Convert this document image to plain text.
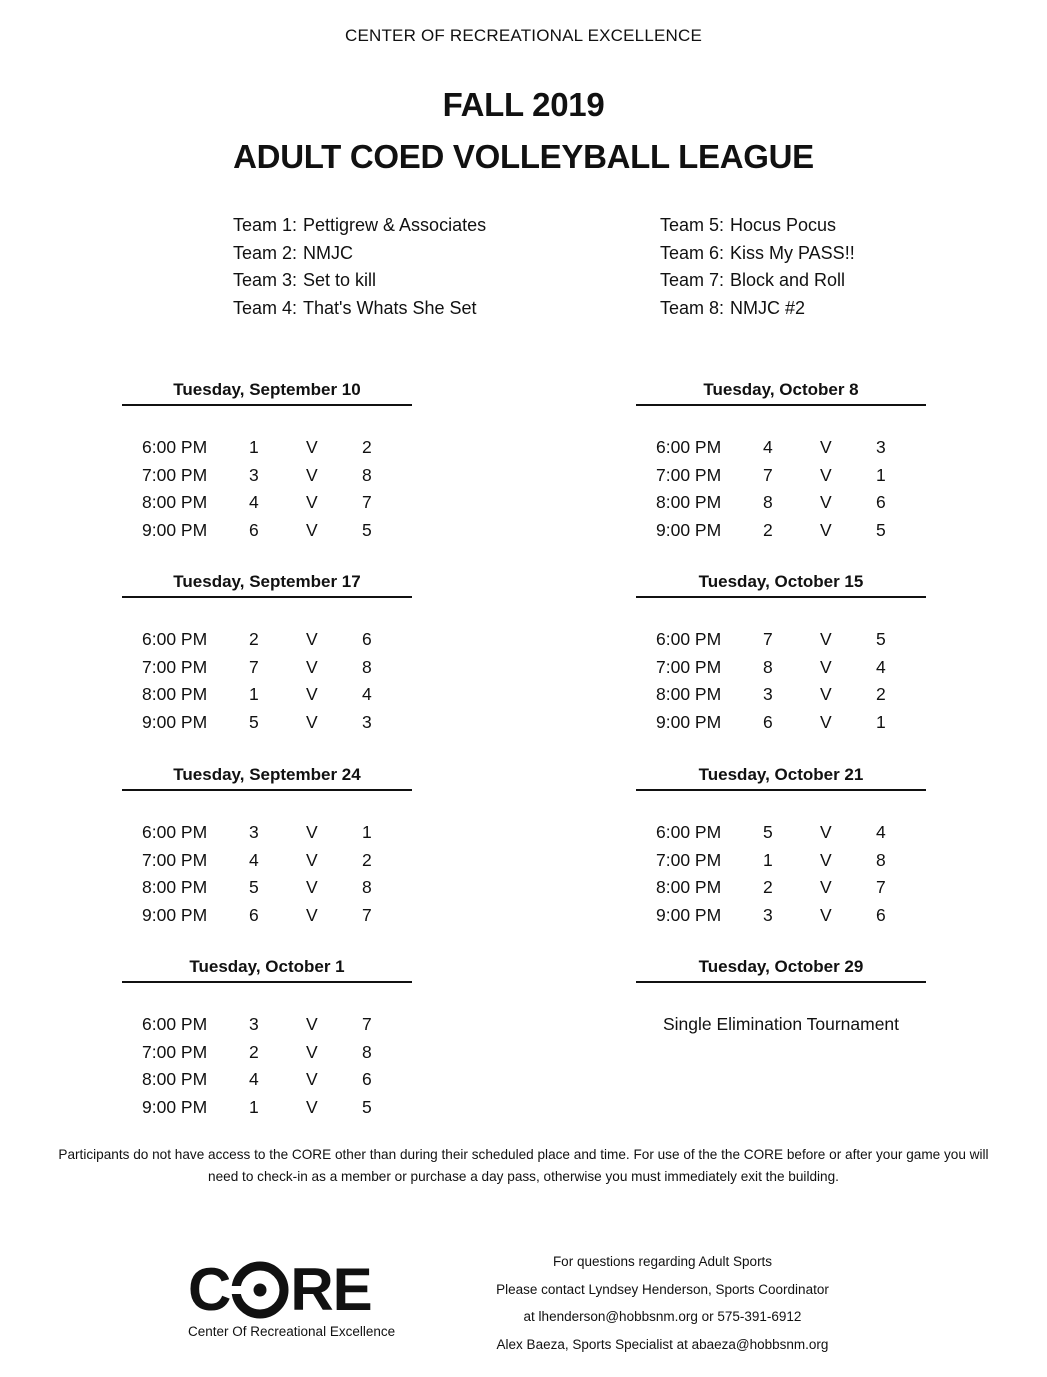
CENTER OF RECREATIONAL EXCELLENCE
FALL 2019
ADULT COED VOLLEYBALL LEAGUE
Team 1: Pettigrew & Associates
Team 2: NMJC
Team 3: Set to kill
Team 4: That's Whats She Set
Team 5: Hocus Pocus
Team 6: Kiss My PASS!!
Team 7: Block and Roll
Team 8: NMJC #2
Tuesday, September 10
6:00 PM 1	V	2
7:00 PM 3	V	8
8:00 PM 4	V	7
9:00 PM 6	V	5
Tuesday, September 17
6:00 PM 2	V	6
7:00 PM 7	V	8
8:00 PM 1	V	4
9:00 PM 5	V	3
Tuesday, September 24
6:00 PM 3	V	1
7:00 PM 4	V	2
8:00 PM 5	V	8
9:00 PM 6	V	7
Tuesday, October 1
6:00 PM 3	V	7
7:00 PM 2	V	8
8:00 PM 4	V	6
9:00 PM 1	V	5
Tuesday, October 8
6:00 PM 4	V	3
7:00 PM 7	V	1
8:00 PM 8	V	6
9:00 PM 2	V	5
Tuesday, October 15
6:00 PM 7	V	5
7:00 PM 8	V	4
8:00 PM 3	V	2
9:00 PM 6	V	1
Tuesday, October 21
6:00 PM 5	V	4
7:00 PM 1	V	8
8:00 PM 2	V	7
9:00 PM 3	V	6
Tuesday, October 29
Single Elimination Tournament
Participants do not have access to the CORE other than during their scheduled place and time. For use of the the CORE before or after your game you will
need to check-in as a member or purchase a day pass, otherwise you must immediately exit the building.
C RE
Center Of Recreational Excellence
For questions regarding Adult Sports
Please contact Lyndsey Henderson, Sports Coordinator
at lhenderson@hobbsnm.org or 575-391-6912
Alex Baeza, Sports Specialist at abaeza@hobbsnm.org
